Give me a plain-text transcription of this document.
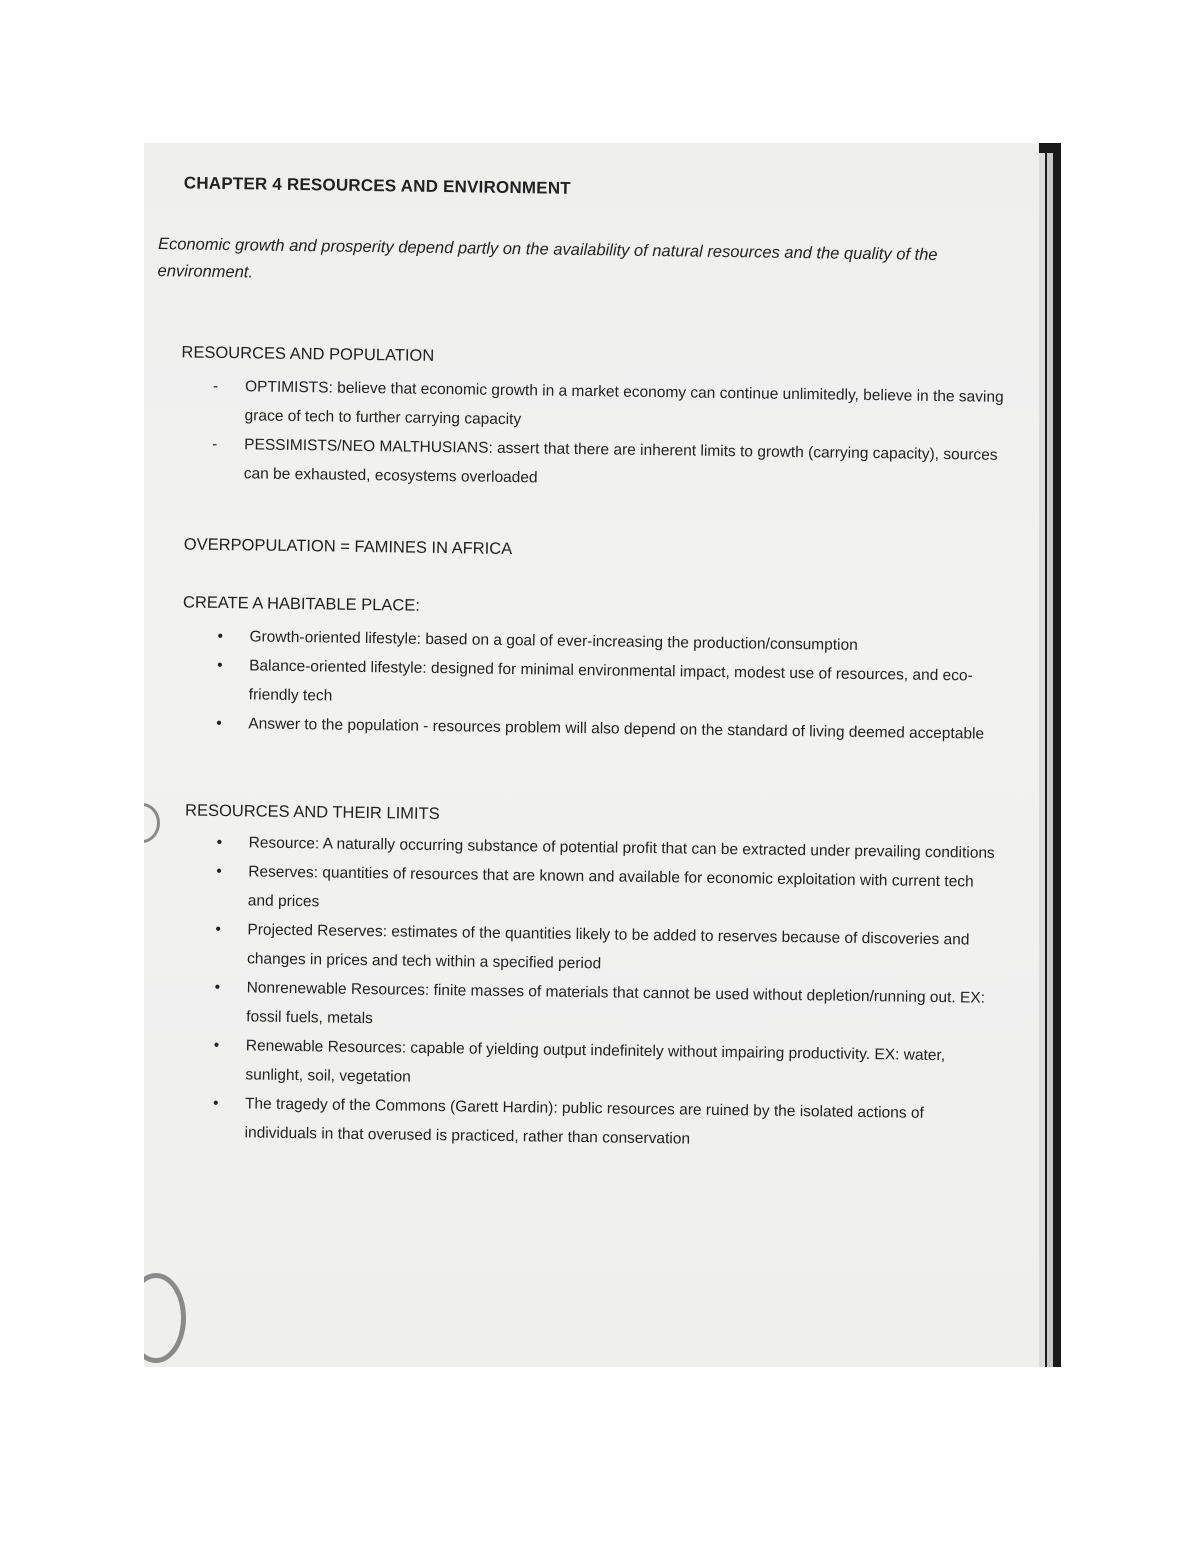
CHAPTER 4 RESOURCES AND ENVIRONMENT
Economic growth and prosperity depend partly on the availability of natural resources and the quality of the environment.
RESOURCES AND POPULATION
- OPTIMISTS: believe that economic growth in a market economy can continue unlimitedly, believe in the saving grace of tech to further carrying capacity
- PESSIMISTS/NEO MALTHUSIANS: assert that there are inherent limits to growth (carrying capacity), sources can be exhausted, ecosystems overloaded
OVERPOPULATION = FAMINES IN AFRICA
CREATE A HABITABLE PLACE:
• Growth-oriented lifestyle: based on a goal of ever-increasing the production/consumption
• Balance-oriented lifestyle: designed for minimal environmental impact, modest use of resources, and eco-friendly tech
• Answer to the population - resources problem will also depend on the standard of living deemed acceptable
RESOURCES AND THEIR LIMITS
• Resource: A naturally occurring substance of potential profit that can be extracted under prevailing conditions
• Reserves: quantities of resources that are known and available for economic exploitation with current tech and prices
• Projected Reserves: estimates of the quantities likely to be added to reserves because of discoveries and changes in prices and tech within a specified period
• Nonrenewable Resources: finite masses of materials that cannot be used without depletion/running out. EX: fossil fuels, metals
• Renewable Resources: capable of yielding output indefinitely without impairing productivity. EX: water, sunlight, soil, vegetation
• The tragedy of the Commons (Garett Hardin): public resources are ruined by the isolated actions of individuals in that overused is practiced, rather than conservation
